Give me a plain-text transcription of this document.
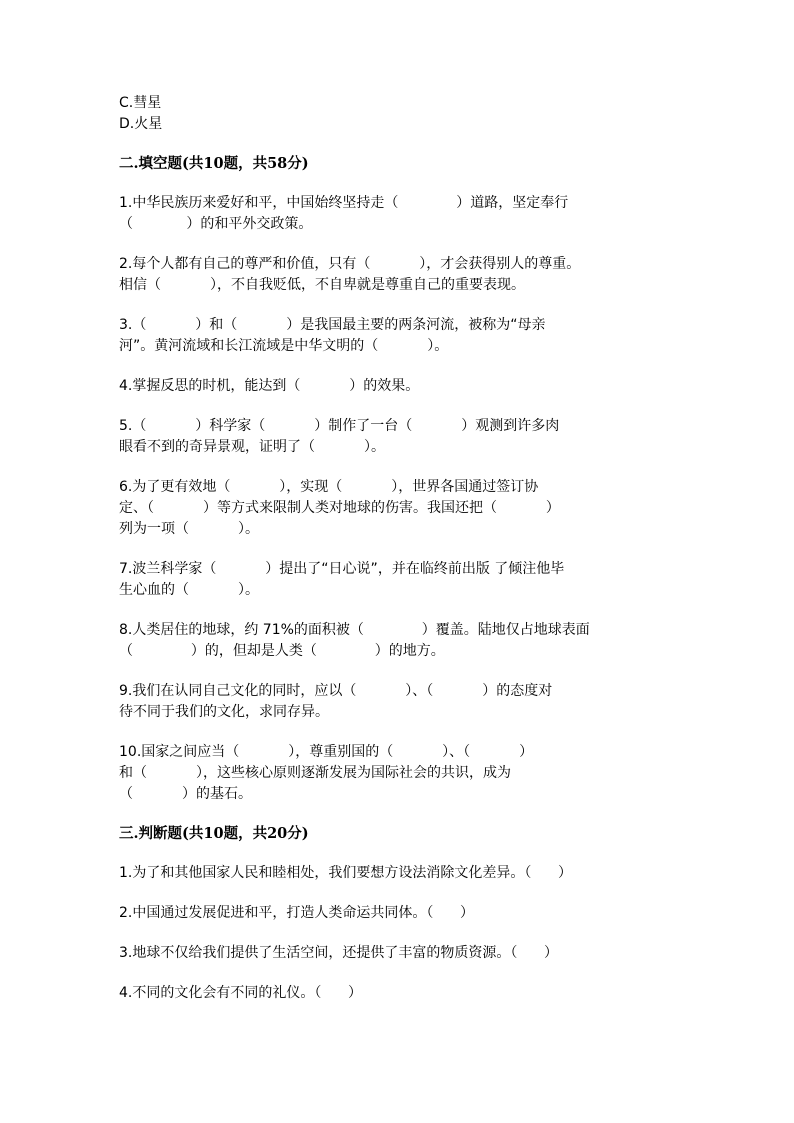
C.彗星
D.火星
二.填空题(共10题，共58分)
1.中华民族历来爱好和平，中国始终坚持走（             ）道路，坚定奉行
（            ）的和平外交政策。
2.每个人都有自己的尊严和价值，只有（           ），才会获得别人的尊重。
相信（           ），不自我贬低，不自卑就是尊重自己的重要表现。
3.（           ）和（           ）是我国最主要的两条河流，被称为“母亲
河”。黄河流域和长江流域是中华文明的（           ）。
4.掌握反思的时机，能达到（           ）的效果。
5.（           ）科学家（           ）制作了一台（           ）观测到许多肉
眼看不到的奇异景观，证明了（           ）。
6.为了更有效地（           ），实现（           ），世界各国通过签订协
定、（           ）等方式来限制人类对地球的伤害。我国还把（           ）
列为一项（           ）。
7.波兰科学家（           ）提出了“日心说”，并在临终前出版 了倾注他毕
生心血的（           ）。
8.人类居住的地球，约 71%的面积被（             ）覆盖。陆地仅占地球表面
（             ）的，但却是人类（             ）的地方。
9.我们在认同自己文化的同时，应以（           ）、（           ）的态度对
待不同于我们的文化，求同存异。
10.国家之间应当（           ），尊重别国的（           ）、（           ）
和（           ），这些核心原则逐渐发展为国际社会的共识，成为
（           ）的基石。
三.判断题(共10题，共20分)
1.为了和其他国家人民和睦相处，我们要想方设法消除文化差异。（      ）
2.中国通过发展促进和平，打造人类命运共同体。（      ）
3.地球不仅给我们提供了生活空间，还提供了丰富的物质资源。（      ）
4.不同的文化会有不同的礼仪。（      ）
